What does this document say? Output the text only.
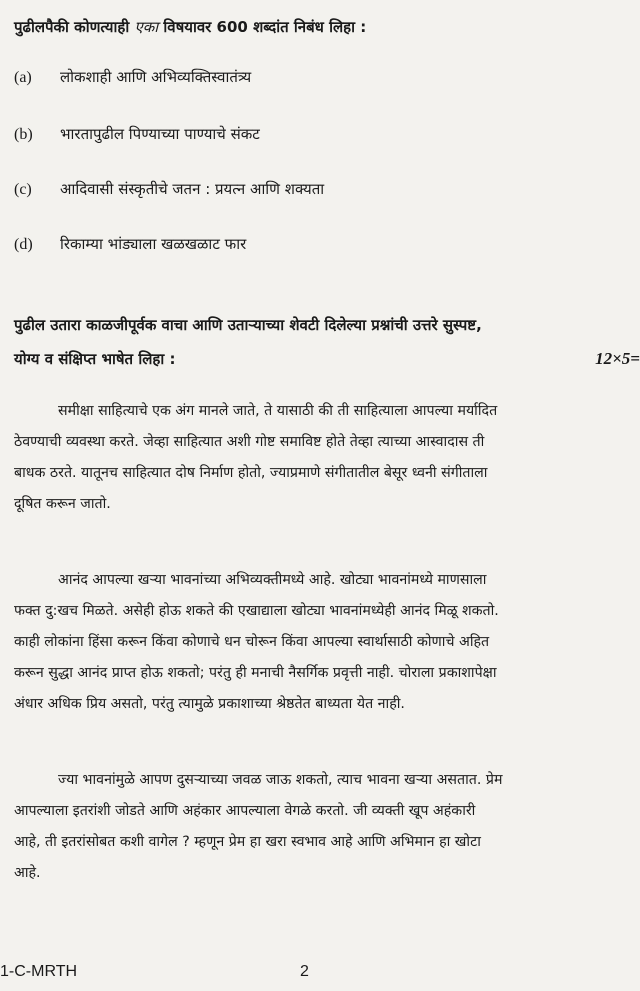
पुढीलपैकी कोणत्याही एका विषयावर 600 शब्दांत निबंध लिहा :
(a) लोकशाही आणि अभिव्यक्तिस्वातंत्र्य
(b) भारतापुढील पिण्याच्या पाण्याचे संकट
(c) आदिवासी संस्कृतीचे जतन : प्रयत्न आणि शक्यता
(d) रिकाम्या भांड्याला खळखळाट फार
पुढील उतारा काळजीपूर्वक वाचा आणि उताऱ्याच्या शेवटी दिलेल्या प्रश्नांची उत्तरे सुस्पष्ट,
योग्य व संक्षिप्त भाषेत लिहा :	12×5=
समीक्षा साहित्याचे एक अंग मानले जाते, ते यासाठी की ती साहित्याला आपल्या मर्यादित
ठेवण्याची व्यवस्था करते. जेव्हा साहित्यात अशी गोष्ट समाविष्ट होते तेव्हा त्याच्या आस्वादास ती
बाधक ठरते. यातूनच साहित्यात दोष निर्माण होतो, ज्याप्रमाणे संगीतातील बेसूर ध्वनी संगीताला
दूषित करून जातो.
आनंद आपल्या खऱ्या भावनांच्या अभिव्यक्तीमध्ये आहे. खोट्या भावनांमध्ये माणसाला
फक्त दु:खच मिळते. असेही होऊ शकते की एखाद्याला खोट्या भावनांमध्येही आनंद मिळू शकतो.
काही लोकांना हिंसा करून किंवा कोणाचे धन चोरून किंवा आपल्या स्वार्थासाठी कोणाचे अहित
करून सुद्धा आनंद प्राप्त होऊ शकतो; परंतु ही मनाची नैसर्गिक प्रवृत्ती नाही. चोराला प्रकाशापेक्षा
अंधार अधिक प्रिय असतो, परंतु त्यामुळे प्रकाशाच्या श्रेष्ठतेत बाध्यता येत नाही.
ज्या भावनांमुळे आपण दुसऱ्याच्या जवळ जाऊ शकतो, त्याच भावना खऱ्या असतात. प्रेम
आपल्याला इतरांशी जोडते आणि अहंकार आपल्याला वेगळे करतो. जी व्यक्ती खूप अहंकारी
आहे, ती इतरांसोबत कशी वागेल ? म्हणून प्रेम हा खरा स्वभाव आहे आणि अभिमान हा खोटा
आहे.
1-C-MRTH	2
